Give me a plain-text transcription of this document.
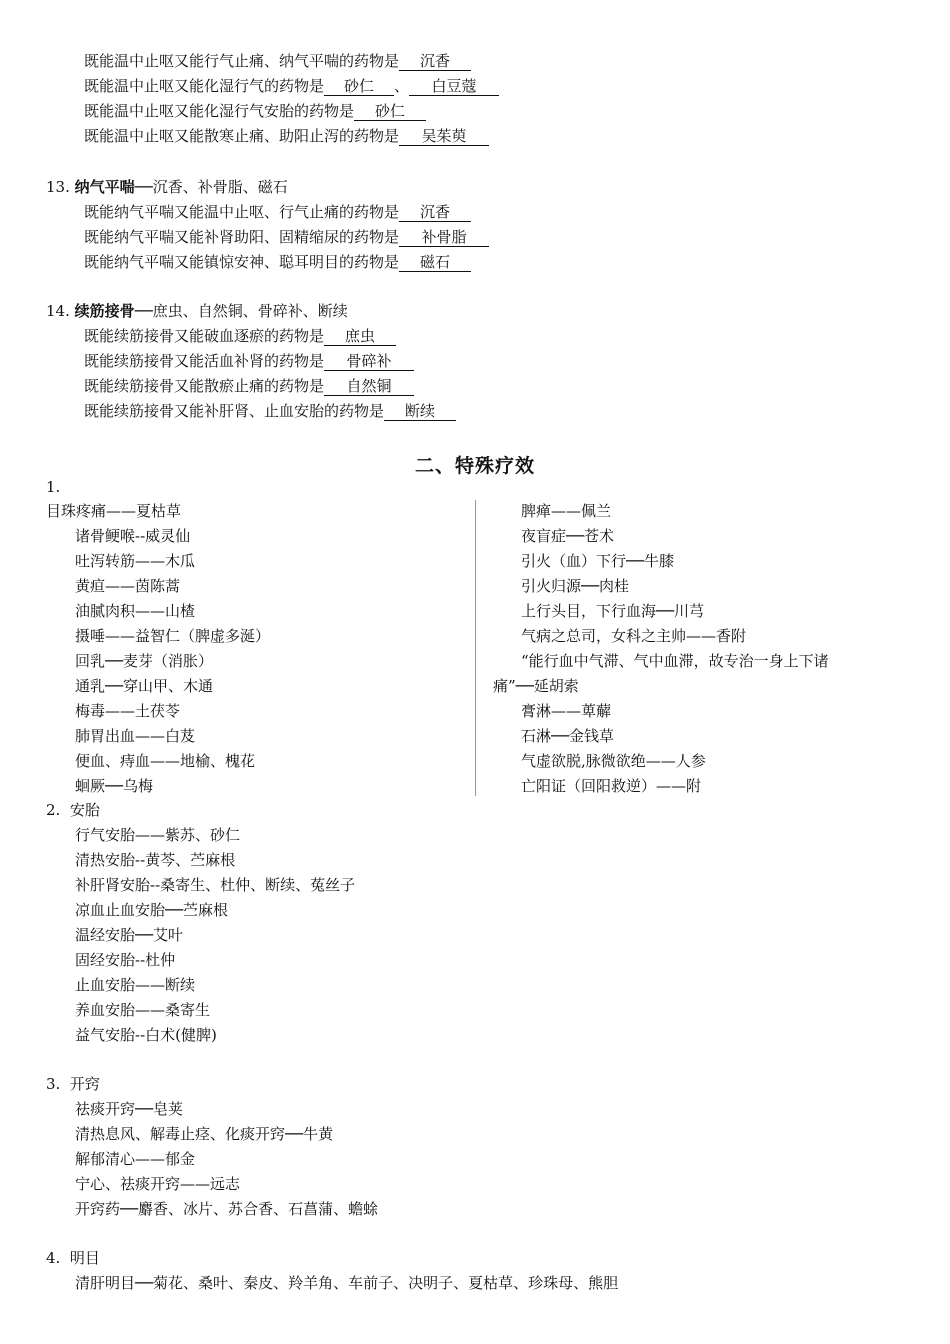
既能温中止呕又能行气止痛、纳气平喘的药物是 沉香
既能温中止呕又能化湿行气的药物是 砂仁 、 白豆蔻
既能温中止呕又能化湿行气安胎的药物是 砂仁
既能温中止呕又能散寒止痛、助阳止泻的药物是 吴茱萸
13. 纳气平喘──沉香、补骨脂、磁石
既能纳气平喘又能温中止呕、行气止痛的药物是 沉香
既能纳气平喘又能补肾助阳、固精缩尿的药物是 补骨脂
既能纳气平喘又能镇惊安神、聪耳明目的药物是 磁石
14. 续筋接骨──庶虫、自然铜、骨碎补、断续
既能续筋接骨又能破血逐瘀的药物是 庶虫
既能续筋接骨又能活血补肾的药物是 骨碎补
既能续筋接骨又能散瘀止痛的药物是 自然铜
既能续筋接骨又能补肝肾、止血安胎的药物是 断续
二、特殊疗效
1.
目珠疼痛——夏枯草
诸骨鲠喉--威灵仙
吐泻转筋——木瓜
黄疸——茵陈蒿
油腻肉积——山楂
摄唾——益智仁（脾虚多涎）
回乳──麦芽（消胀）
通乳──穿山甲、木通
梅毒——土茯苓
肺胃出血——白芨
便血、痔血——地榆、槐花
蛔厥──乌梅
脾瘅——佩兰
夜盲症──苍术
引火（血）下行──牛膝
引火归源──肉桂
上行头目，下行血海──川芎
气病之总司，女科之主帅——香附
“能行血中气滞、气中血滞，故专治一身上下诸
痛”──延胡索
膏淋——萆薢
石淋──金钱草
气虚欲脱,脉微欲绝——人参
亡阳证（回阳救逆）——附
2. 安胎
行气安胎——紫苏、砂仁
清热安胎--黄芩、苎麻根
补肝肾安胎--桑寄生、杜仲、断续、菟丝子
凉血止血安胎──苎麻根
温经安胎──艾叶
固经安胎--杜仲
止血安胎——断续
养血安胎——桑寄生
益气安胎--白术(健脾)
3. 开窍
祛痰开窍──皂荚
清热息风、解毒止痉、化痰开窍──牛黄
解郁清心——郁金
宁心、祛痰开窍——远志
开窍药──麝香、冰片、苏合香、石菖蒲、蟾蜍
4. 明目
清肝明目──菊花、桑叶、秦皮、羚羊角、车前子、决明子、夏枯草、珍珠母、熊胆
